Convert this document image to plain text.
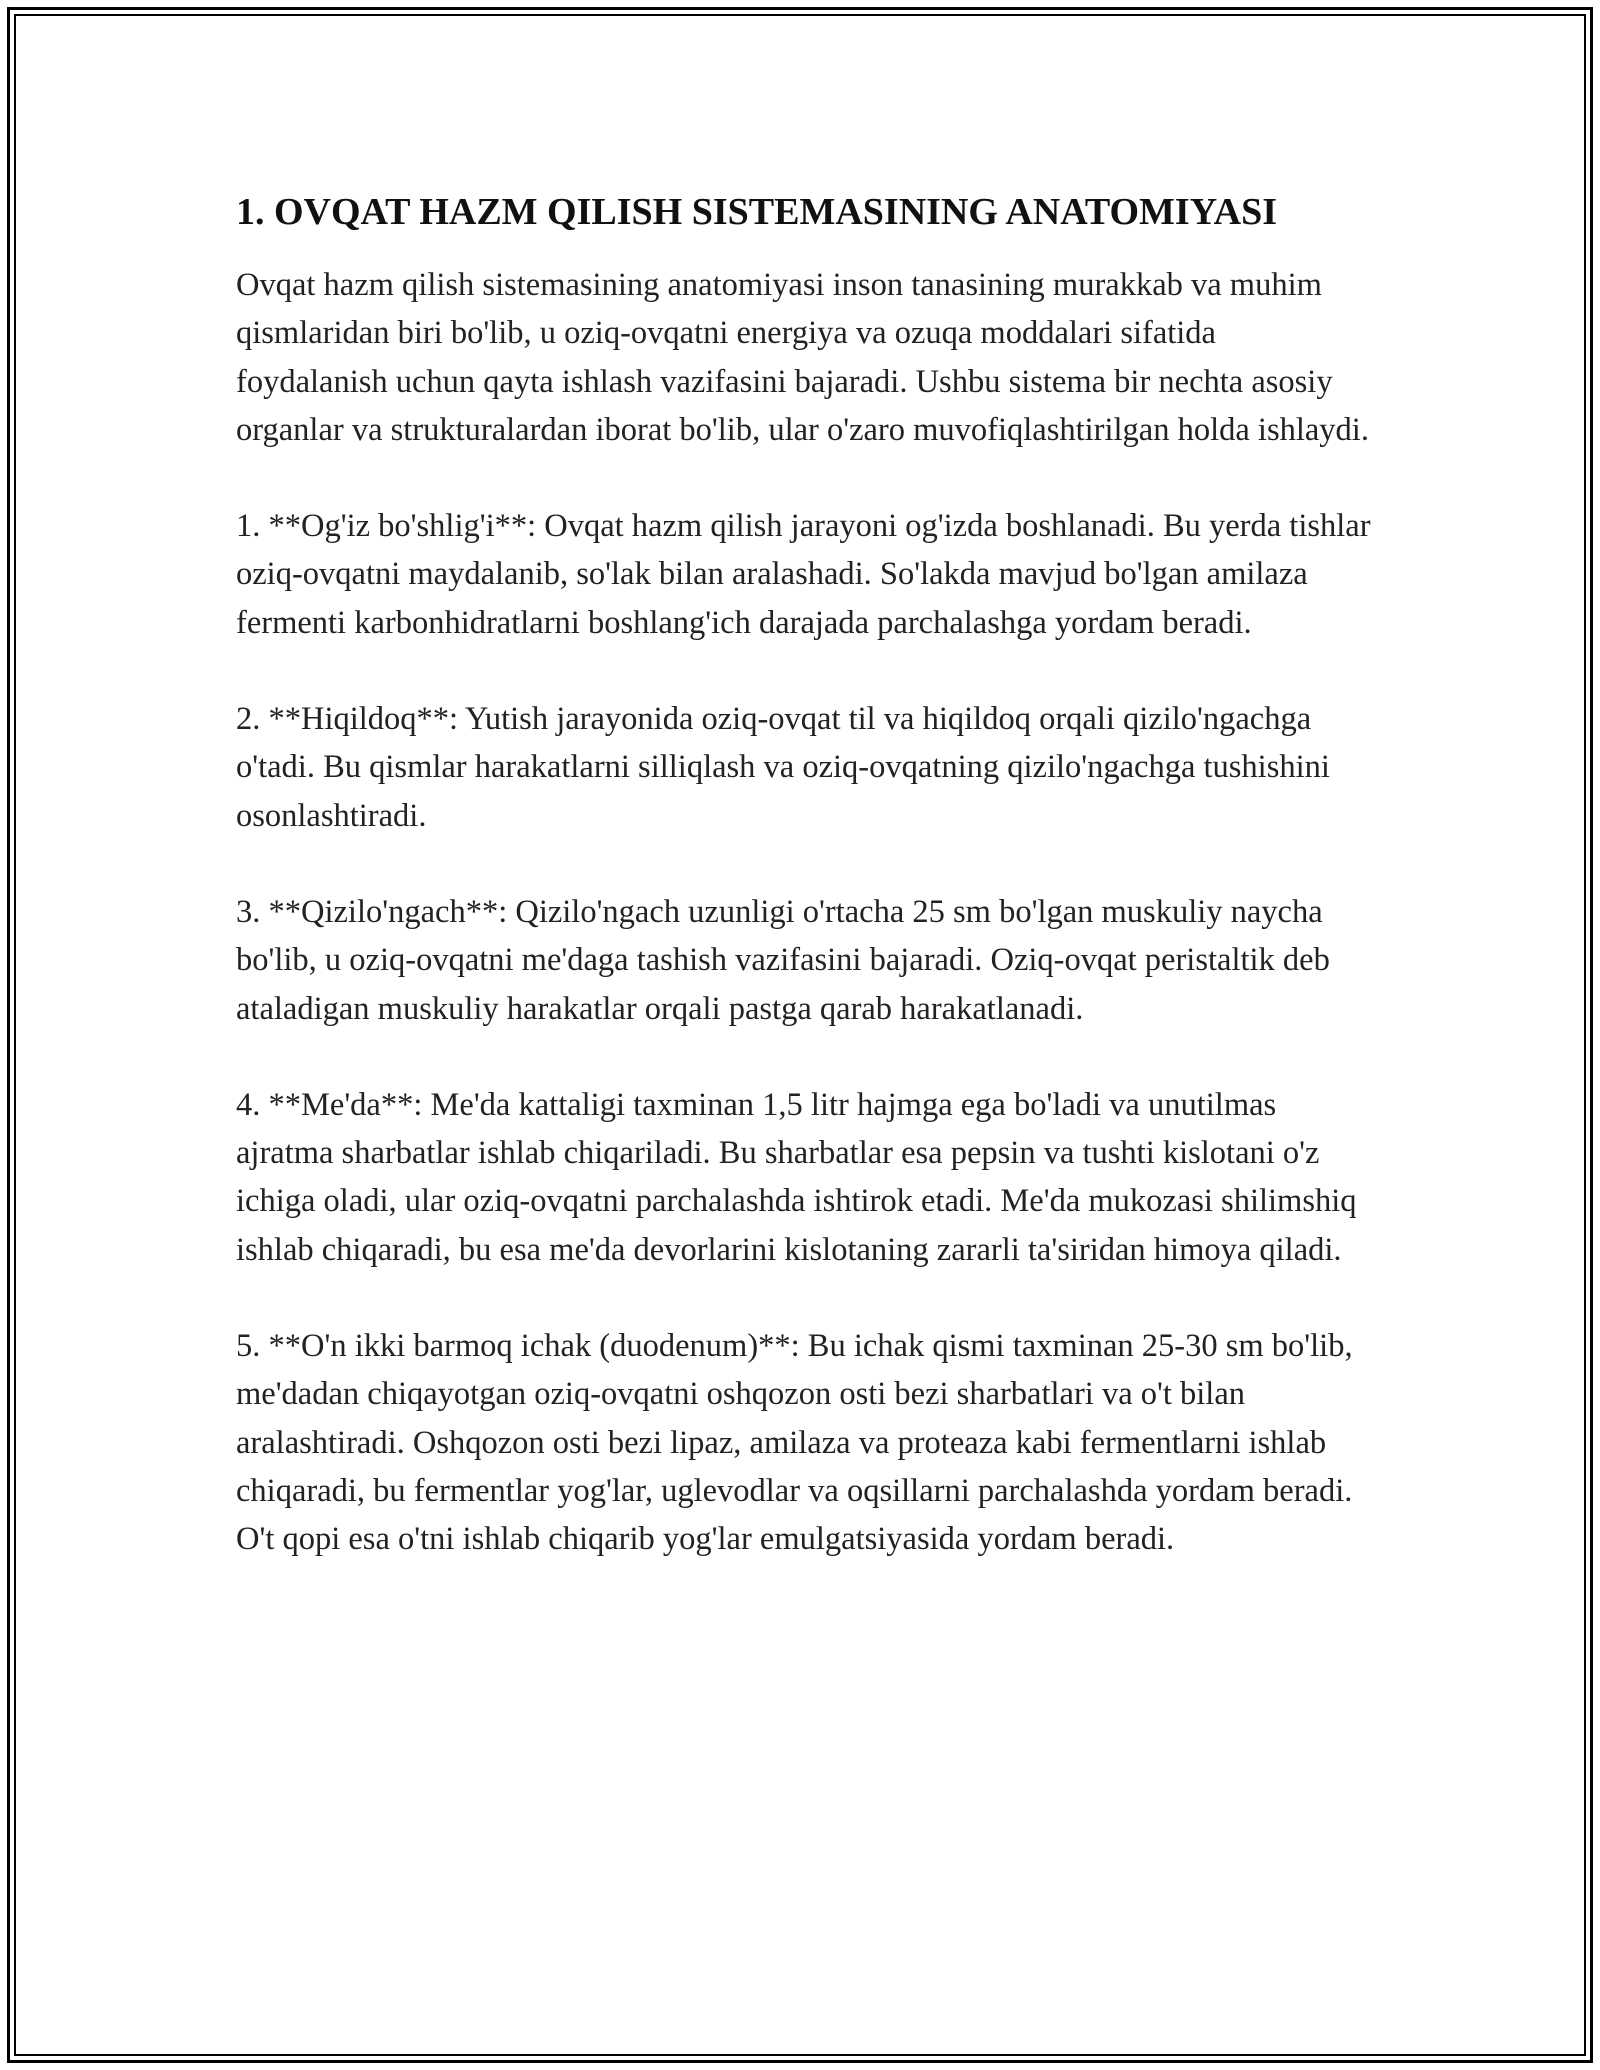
1. OVQAT HAZM QILISH SISTEMASINING ANATOMIYASI

Ovqat hazm qilish sistemasining anatomiyasi inson tanasining murakkab va muhim qismlaridan biri bo'lib, u oziq-ovqatni energiya va ozuqa moddalari sifatida foydalanish uchun qayta ishlash vazifasini bajaradi. Ushbu sistema bir nechta asosiy organlar va strukturalardan iborat bo'lib, ular o'zaro muvofiqlashtirilgan holda ishlaydi.

1. **Og'iz bo'shlig'i**: Ovqat hazm qilish jarayoni og'izda boshlanadi. Bu yerda tishlar oziq-ovqatni maydalanib, so'lak bilan aralashadi. So'lakda mavjud bo'lgan amilaza fermenti karbonhidratlarni boshlang'ich darajada parchalashga yordam beradi.

2. **Hiqildoq**: Yutish jarayonida oziq-ovqat til va hiqildoq orqali qizilo'ngachga o'tadi. Bu qismlar harakatlarni silliqlash va oziq-ovqatning qizilo'ngachga tushishini osonlashtiradi.

3. **Qizilo'ngach**: Qizilo'ngach uzunligi o'rtacha 25 sm bo'lgan muskuliy naycha bo'lib, u oziq-ovqatni me'daga tashish vazifasini bajaradi. Oziq-ovqat peristaltik deb ataladigan muskuliy harakatlar orqali pastga qarab harakatlanadi.

4. **Me'da**: Me'da kattaligi taxminan 1,5 litr hajmga ega bo'ladi va unutilmas ajratma sharbatlar ishlab chiqariladi. Bu sharbatlar esa pepsin va tushti kislotani o'z ichiga oladi, ular oziq-ovqatni parchalashda ishtirok etadi. Me'da mukozasi shilimshiq ishlab chiqaradi, bu esa me'da devorlarini kislotaning zararli ta'siridan himoya qiladi.

5. **O'n ikki barmoq ichak (duodenum)**: Bu ichak qismi taxminan 25-30 sm bo'lib, me'dadan chiqayotgan oziq-ovqatni oshqozon osti bezi sharbatlari va o't bilan aralashtiradi. Oshqozon osti bezi lipaz, amilaza va proteaza kabi fermentlarni ishlab chiqaradi, bu fermentlar yog'lar, uglevodlar va oqsillarni parchalashda yordam beradi. O't qopi esa o'tni ishlab chiqarib yog'lar emulgatsiyasida yordam beradi.
